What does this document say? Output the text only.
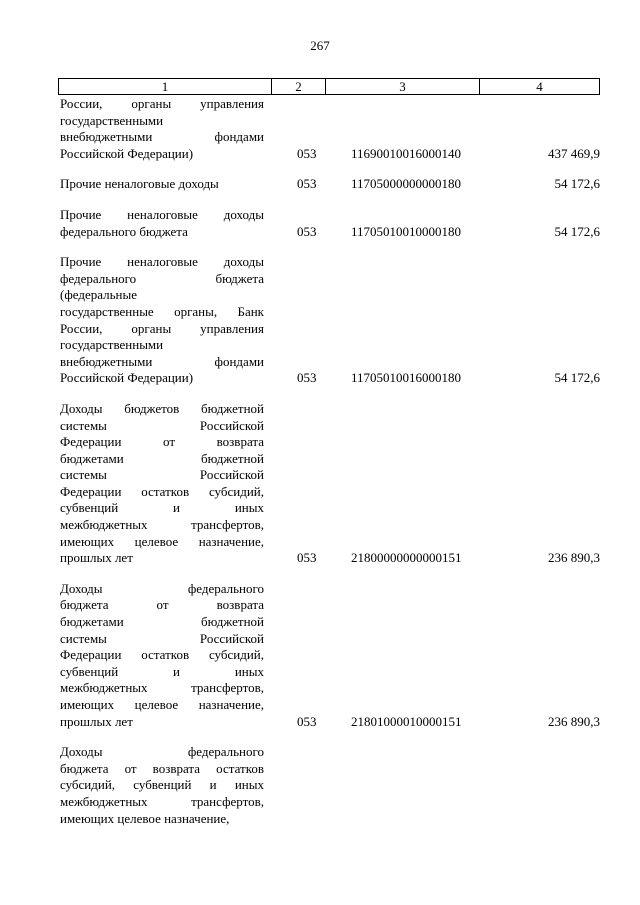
267
1	2	3	4
России, органы управления
государственными
внебюджетными фондами
Российской Федерации)	053	11690010016000140	437 469,9
Прочие неналоговые доходы	053	11705000000000180	54 172,6
Прочие неналоговые доходы
федерального бюджета	053	11705010010000180	54 172,6
Прочие неналоговые доходы
федерального бюджета
(федеральные
государственные органы, Банк
России, органы управления
государственными
внебюджетными фондами
Российской Федерации)	053	11705010016000180	54 172,6
Доходы бюджетов бюджетной
системы Российской
Федерации от возврата
бюджетами бюджетной
системы Российской
Федерации остатков субсидий,
субвенций и иных
межбюджетных трансфертов,
имеющих целевое назначение,
прошлых лет	053	21800000000000151	236 890,3
Доходы федерального
бюджета от возврата
бюджетами бюджетной
системы Российской
Федерации остатков субсидий,
субвенций и иных
межбюджетных трансфертов,
имеющих целевое назначение,
прошлых лет	053	21801000010000151	236 890,3
Доходы федерального
бюджета от возврата остатков
субсидий, субвенций и иных
межбюджетных трансфертов,
имеющих целевое назначение,
